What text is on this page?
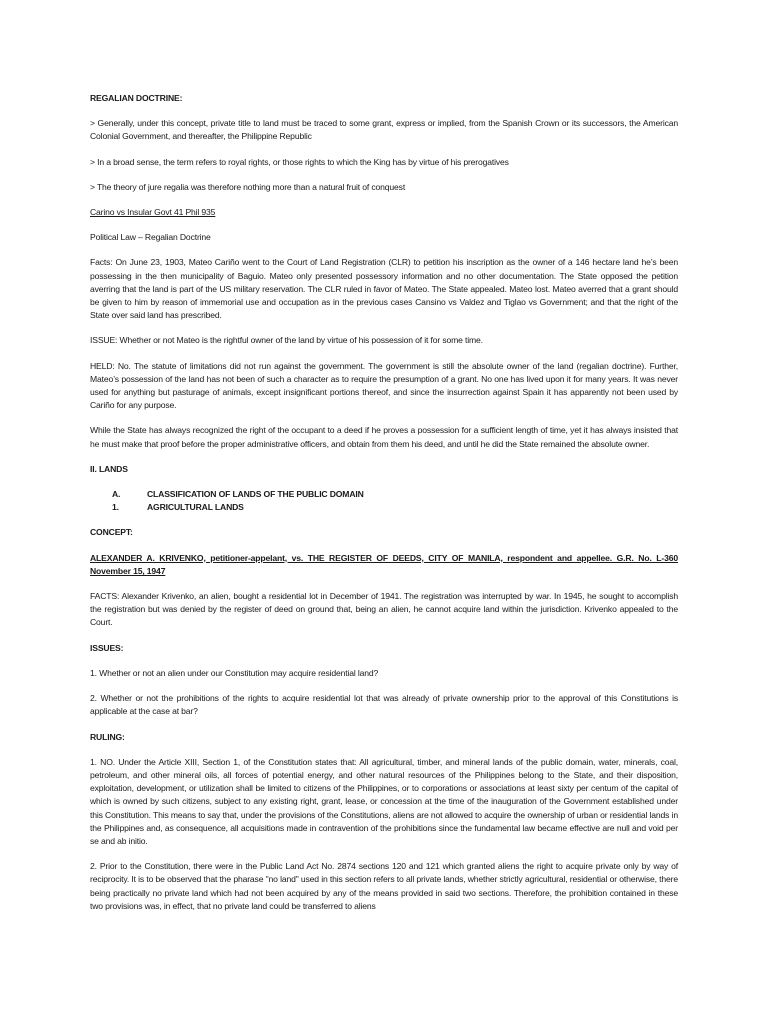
REGALIAN DOCTRINE:

> Generally, under this concept, private title to land must be traced to some grant, express or implied, from the Spanish Crown or its successors, the American Colonial Government, and thereafter, the Philippine Republic

> In a broad sense, the term refers to royal rights, or those rights to which the King has by virtue of his prerogatives

> The theory of jure regalia was therefore nothing more than a natural fruit of conquest

Carino vs Insular Govt 41 Phil 935

Political Law – Regalian Doctrine

Facts: On June 23, 1903, Mateo Cariño went to the Court of Land Registration (CLR) to petition his inscription as the owner of a 146 hectare land he’s been possessing in the then municipality of Baguio. Mateo only presented possessory information and no other documentation. The State opposed the petition averring that the land is part of the US military reservation. The CLR ruled in favor of Mateo. The State appealed. Mateo lost. Mateo averred that a grant should be given to him by reason of immemorial use and occupation as in the previous cases Cansino vs Valdez and Tiglao vs Government; and that the right of the State over said land has prescribed.

ISSUE: Whether or not Mateo is the rightful owner of the land by virtue of his possession of it for some time.

HELD: No. The statute of limitations did not run against the government. The government is still the absolute owner of the land (regalian doctrine). Further, Mateo’s possession of the land has not been of such a character as to require the presumption of a grant. No one has lived upon it for many years. It was never used for anything but pasturage of animals, except insignificant portions thereof, and since the insurrection against Spain it has apparently not been used by Cariño for any purpose.

While the State has always recognized the right of the occupant to a deed if he proves a possession for a sufficient length of time, yet it has always insisted that he must make that proof before the proper administrative officers, and obtain from them his deed, and until he did the State remained the absolute owner.

II. LANDS

A.	CLASSIFICATION OF LANDS OF THE PUBLIC DOMAIN
1.	AGRICULTURAL LANDS

CONCEPT:

ALEXANDER A. KRIVENKO, petitioner-appelant, vs. THE REGISTER OF DEEDS, CITY OF MANILA, respondent and appellee. G.R. No. L-360 November 15, 1947

FACTS: Alexander Krivenko, an alien, bought a residential lot in December of 1941. The registration was interrupted by war. In 1945, he sought to accomplish the registration but was denied by the register of deed on ground that, being an alien, he cannot acquire land within the jurisdiction. Krivenko appealed to the Court.

ISSUES:

1. Whether or not an alien under our Constitution may acquire residential land?

2. Whether or not the prohibitions of the rights to acquire residential lot that was already of private ownership prior to the approval of this Constitutions is applicable at the case at bar?

RULING:

1. NO. Under the Article XIII, Section 1, of the Constitution states that: All agricultural, timber, and mineral lands of the public domain, water, minerals, coal, petroleum, and other mineral oils, all forces of potential energy, and other natural resources of the Philippines belong to the State, and their disposition, exploitation, development, or utilization shall be limited to citizens of the Philippines, or to corporations or associations at least sixty per centum of the capital of which is owned by such citizens, subject to any existing right, grant, lease, or concession at the time of the inauguration of the Government established under this Constitution. This means to say that, under the provisions of the Constitutions, aliens are not allowed to acquire the ownership of urban or residential lands in the Philippines and, as consequence, all acquisitions made in contravention of the prohibitions since the fundamental law became effective are null and void per se and ab initio.

2. Prior to the Constitution, there were in the Public Land Act No. 2874 sections 120 and 121 which granted aliens the right to acquire private only by way of reciprocity. It is to be observed that the pharase "no land" used in this section refers to all private lands, whether strictly agricultural, residential or otherwise, there being practically no private land which had not been acquired by any of the means provided in said two sections. Therefore, the prohibition contained in these two provisions was, in effect, that no private land could be transferred to aliens
